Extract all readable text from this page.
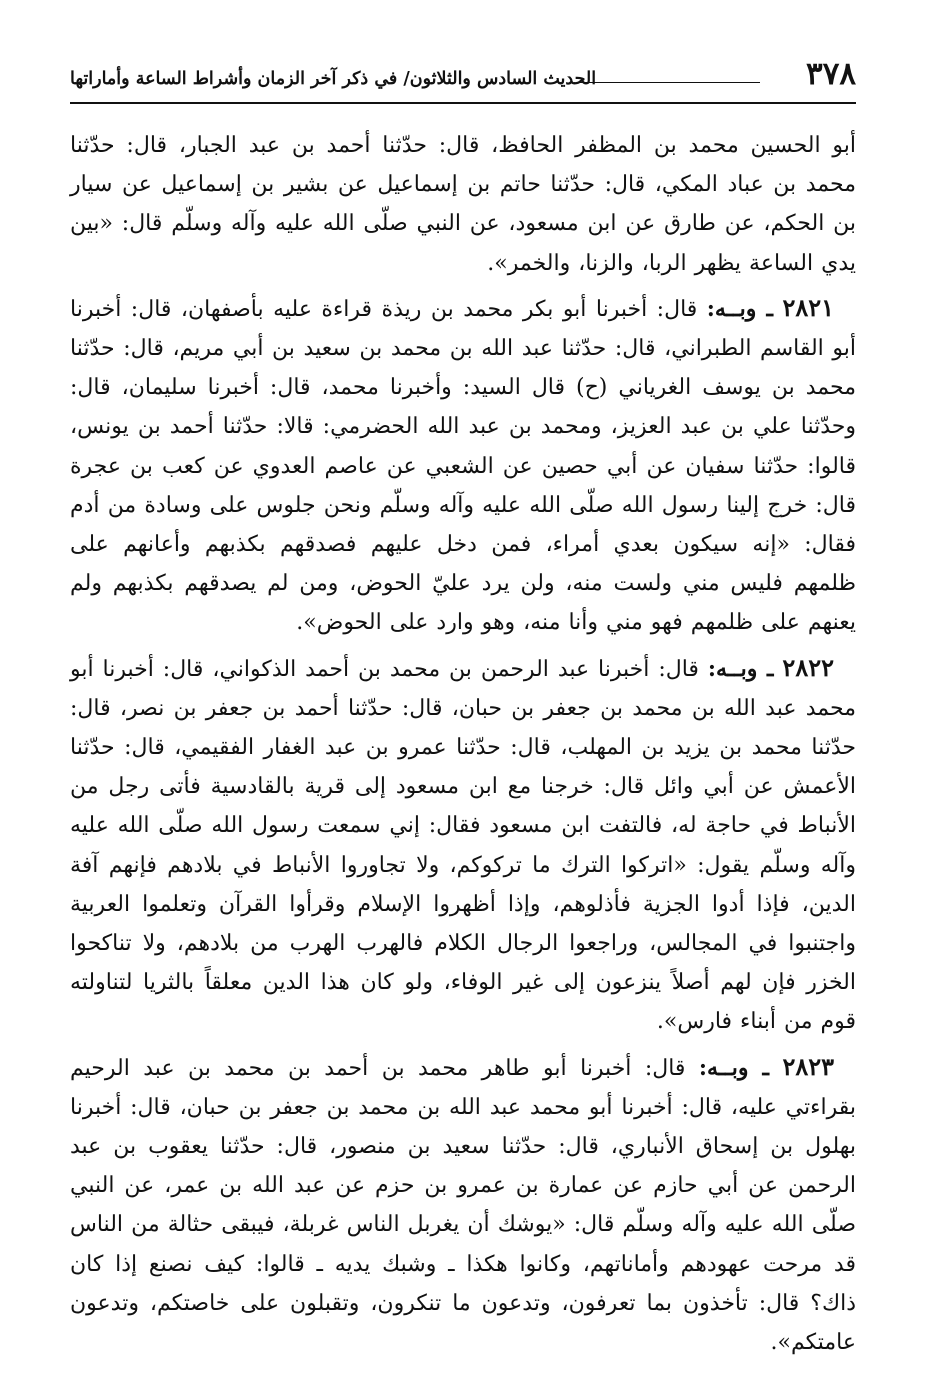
٣٧٨
الحديث السادس والثلاثون/ في ذكر آخر الزمان وأشراط الساعة وأماراتها

أبو الحسين محمد بن المظفر الحافظ، قال: حدّثنا أحمد بن عبد الجبار، قال: حدّثنا محمد بن عباد المكي، قال: حدّثنا حاتم بن إسماعيل عن بشير بن إسماعيل عن سيار بن الحكم، عن طارق عن ابن مسعود، عن النبي صلّى الله عليه وآله وسلّم قال: «بين يدي الساعة يظهر الربا، والزنا، والخمر».

٢٨٢١ ـ وبــه: قال: أخبرنا أبو بكر محمد بن ريذة قراءة عليه بأصفهان، قال: أخبرنا أبو القاسم الطبراني، قال: حدّثنا عبد الله بن محمد بن سعيد بن أبي مريم، قال: حدّثنا محمد بن يوسف الغرياني (ح) قال السيد: وأخبرنا محمد، قال: أخبرنا سليمان، قال: وحدّثنا علي بن عبد العزيز، ومحمد بن عبد الله الحضرمي: قالا: حدّثنا أحمد بن يونس، قالوا: حدّثنا سفيان عن أبي حصين عن الشعبي عن عاصم العدوي عن كعب بن عجرة قال: خرج إلينا رسول الله صلّى الله عليه وآله وسلّم ونحن جلوس على وسادة من أدم فقال: «إنه سيكون بعدي أمراء، فمن دخل عليهم فصدقهم بكذبهم وأعانهم على ظلمهم فليس مني ولست منه، ولن يرد عليّ الحوض، ومن لم يصدقهم بكذبهم ولم يعنهم على ظلمهم فهو مني وأنا منه، وهو وارد على الحوض».

٢٨٢٢ ـ وبــه: قال: أخبرنا عبد الرحمن بن محمد بن أحمد الذكواني، قال: أخبرنا أبو محمد عبد الله بن محمد بن جعفر بن حبان، قال: حدّثنا أحمد بن جعفر بن نصر، قال: حدّثنا محمد بن يزيد بن المهلب، قال: حدّثنا عمرو بن عبد الغفار الفقيمي، قال: حدّثنا الأعمش عن أبي وائل قال: خرجنا مع ابن مسعود إلى قرية بالقادسية فأتى رجل من الأنباط في حاجة له، فالتفت ابن مسعود فقال: إني سمعت رسول الله صلّى الله عليه وآله وسلّم يقول: «اتركوا الترك ما تركوكم، ولا تجاوروا الأنباط في بلادهم فإنهم آفة الدين، فإذا أدوا الجزية فأذلوهم، وإذا أظهروا الإسلام وقرأوا القرآن وتعلموا العربية واجتنبوا في المجالس، وراجعوا الرجال الكلام فالهرب الهرب من بلادهم، ولا تناكحوا الخزر فإن لهم أصلاً ينزعون إلى غير الوفاء، ولو كان هذا الدين معلقاً بالثريا لتناولته قوم من أبناء فارس».

٢٨٢٣ ـ وبــه: قال: أخبرنا أبو طاهر محمد بن أحمد بن محمد بن عبد الرحيم بقراءتي عليه، قال: أخبرنا أبو محمد عبد الله بن محمد بن جعفر بن حبان، قال: أخبرنا بهلول بن إسحاق الأنباري، قال: حدّثنا سعيد بن منصور، قال: حدّثنا يعقوب بن عبد الرحمن عن أبي حازم عن عمارة بن عمرو بن حزم عن عبد الله بن عمر، عن النبي صلّى الله عليه وآله وسلّم قال: «يوشك أن يغربل الناس غربلة، فيبقى حثالة من الناس قد مرحت عهودهم وأماناتهم، وكانوا هكذا ـ وشبك يديه ـ قالوا: كيف نصنع إذا كان ذاك؟ قال: تأخذون بما تعرفون، وتدعون ما تنكرون، وتقبلون على خاصتكم، وتدعون عامتكم».
